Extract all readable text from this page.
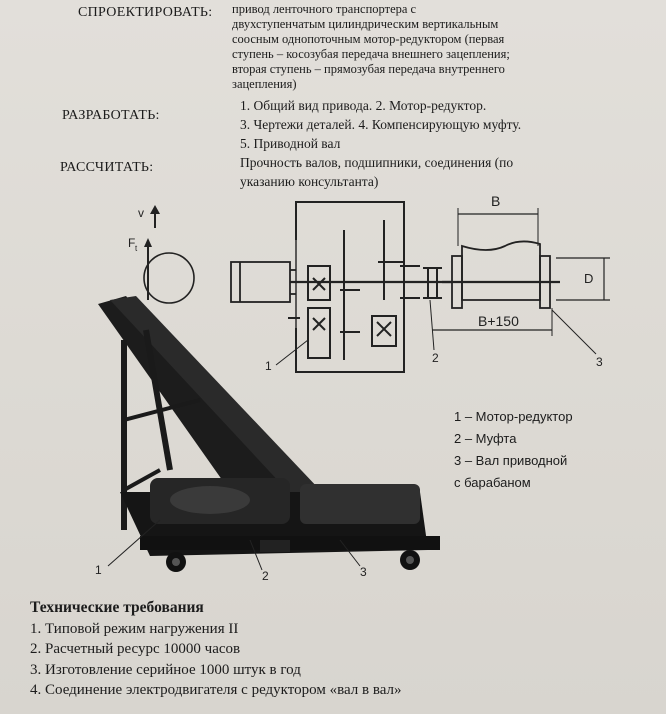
СПРОЕКТИРОВАТЬ: привод ленточного транспортера с
двухступенчатым цилиндрическим вертикальным
соосным однопоточным мотор-редуктором (первая
ступень – косозубая передача внешнего зацепления;
вторая ступень – прямозубая передача внутреннего
зацепления)
РАЗРАБОТАТЬ:
1. Общий вид привода. 2. Мотор-редуктор.
3. Чертежи деталей. 4. Компенсирующую муфту.
5. Приводной вал
РАССЧИТАТЬ:	Прочность валов, подшипники, соединения (по
указанию консультанта)
v
F t
B
B+150
D
1
2	3
1	2	3
1 – Мотор-редуктор
2 – Муфта
3 – Вал приводной
с барабаном
Технические требования
1. Типовой режим нагружения II
2. Расчетный ресурс 10000 часов
3. Изготовление серийное 1000 штук в год
4. Соединение электродвигателя с редуктором «вал в вал»
